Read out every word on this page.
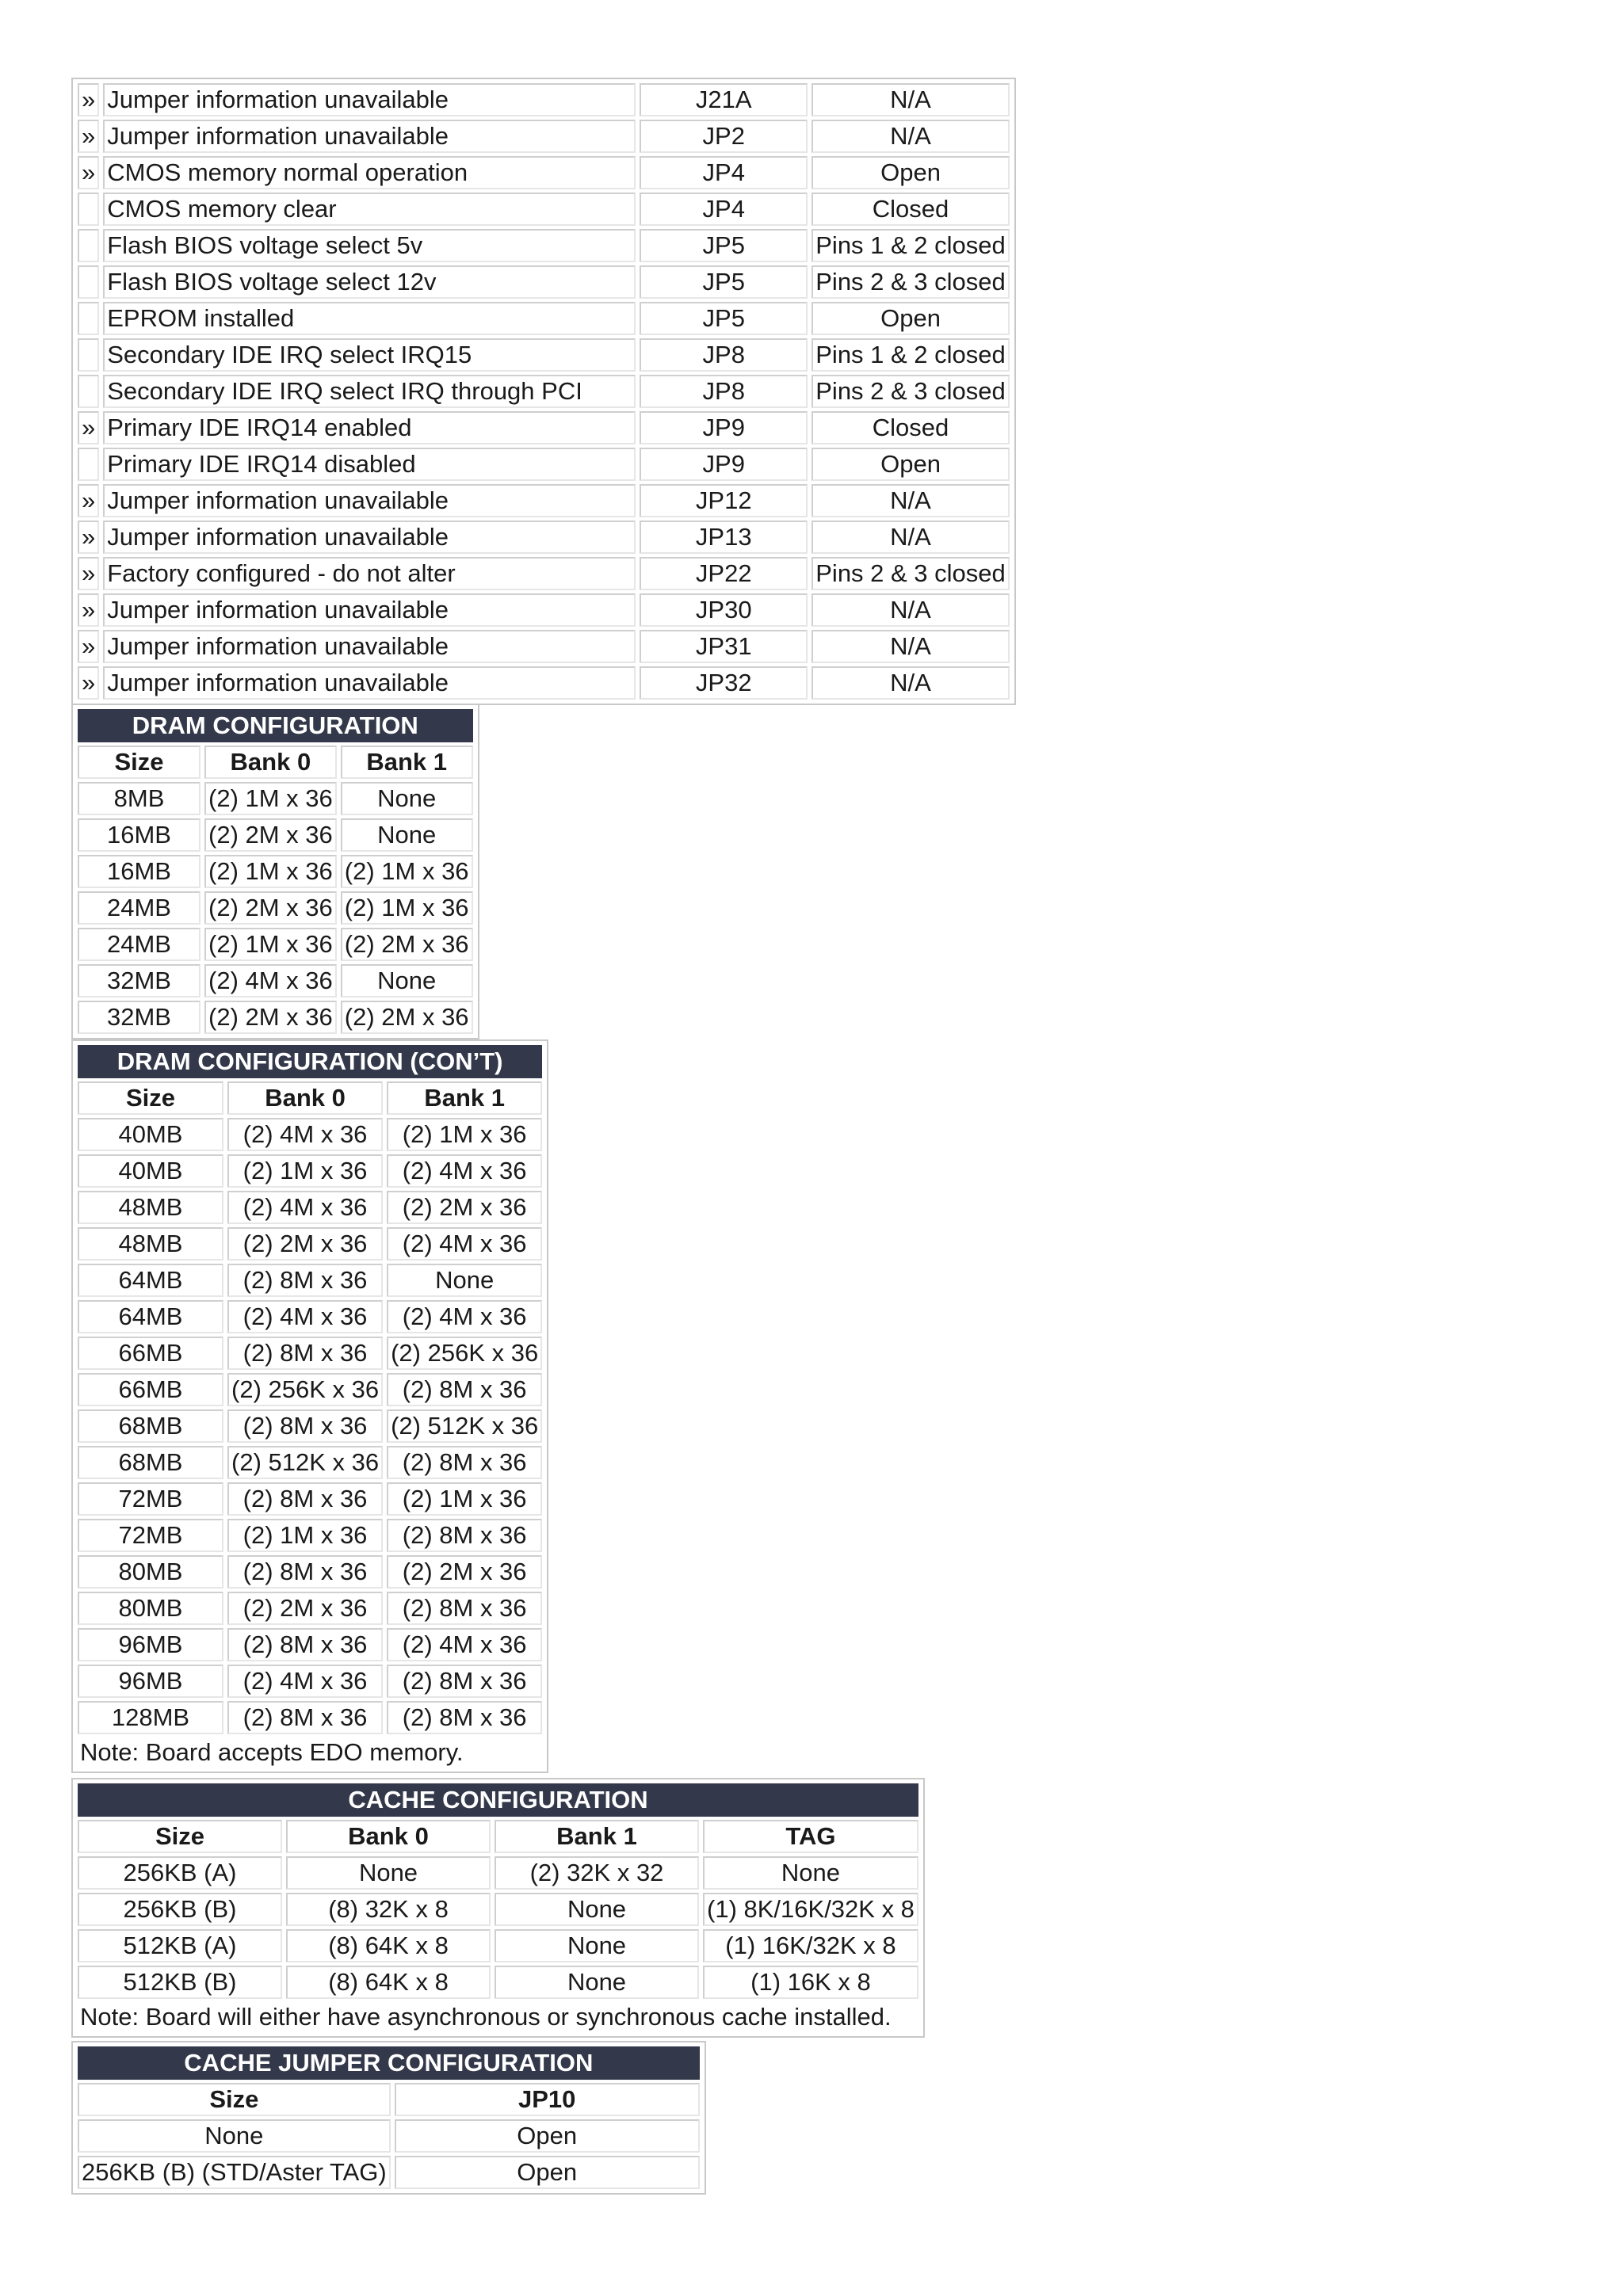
»	Jumper information unavailable	J21A	N/A
»	Jumper information unavailable	JP2	N/A
»	CMOS memory normal operation	JP4	Open
	CMOS memory clear	JP4	Closed
	Flash BIOS voltage select 5v	JP5	Pins 1 & 2 closed
	Flash BIOS voltage select 12v	JP5	Pins 2 & 3 closed
	EPROM installed	JP5	Open
	Secondary IDE IRQ select IRQ15	JP8	Pins 1 & 2 closed
	Secondary IDE IRQ select IRQ through PCI	JP8	Pins 2 & 3 closed
»	Primary IDE IRQ14 enabled	JP9	Closed
	Primary IDE IRQ14 disabled	JP9	Open
»	Jumper information unavailable	JP12	N/A
»	Jumper information unavailable	JP13	N/A
»	Factory configured - do not alter	JP22	Pins 2 & 3 closed
»	Jumper information unavailable	JP30	N/A
»	Jumper information unavailable	JP31	N/A
»	Jumper information unavailable	JP32	N/A
DRAM CONFIGURATION		
Size	Bank 0	Bank 1
8MB	(2) 1M x 36	None
16MB	(2) 2M x 36	None
16MB	(2) 1M x 36	(2) 1M x 36
24MB	(2) 2M x 36	(2) 1M x 36
24MB	(2) 1M x 36	(2) 2M x 36
32MB	(2) 4M x 36	None
32MB	(2) 2M x 36	(2) 2M x 36
DRAM CONFIGURATION (CON’T)		
Size	Bank 0	Bank 1
40MB	(2) 4M x 36	(2) 1M x 36
40MB	(2) 1M x 36	(2) 4M x 36
48MB	(2) 4M x 36	(2) 2M x 36
48MB	(2) 2M x 36	(2) 4M x 36
64MB	(2) 8M x 36	None
64MB	(2) 4M x 36	(2) 4M x 36
66MB	(2) 8M x 36	(2) 256K x 36
66MB	(2) 256K x 36	(2) 8M x 36
68MB	(2) 8M x 36	(2) 512K x 36
68MB	(2) 512K x 36	(2) 8M x 36
72MB	(2) 8M x 36	(2) 1M x 36
72MB	(2) 1M x 36	(2) 8M x 36
80MB	(2) 8M x 36	(2) 2M x 36
80MB	(2) 2M x 36	(2) 8M x 36
96MB	(2) 8M x 36	(2) 4M x 36
96MB	(2) 4M x 36	(2) 8M x 36
128MB	(2) 8M x 36	(2) 8M x 36
Note: Board accepts EDO memory.		
CACHE CONFIGURATION			
Size	Bank 0	Bank 1	TAG
256KB (A)	None	(2) 32K x 32	None
256KB (B)	(8) 32K x 8	None	(1) 8K/16K/32K x 8
512KB (A)	(8) 64K x 8	None	(1) 16K/32K x 8
512KB (B)	(8) 64K x 8	None	(1) 16K x 8
Note: Board will either have asynchronous or synchronous cache installed.			
CACHE JUMPER CONFIGURATION	
Size	JP10
None	Open
256KB (B) (STD/Aster TAG)	Open
